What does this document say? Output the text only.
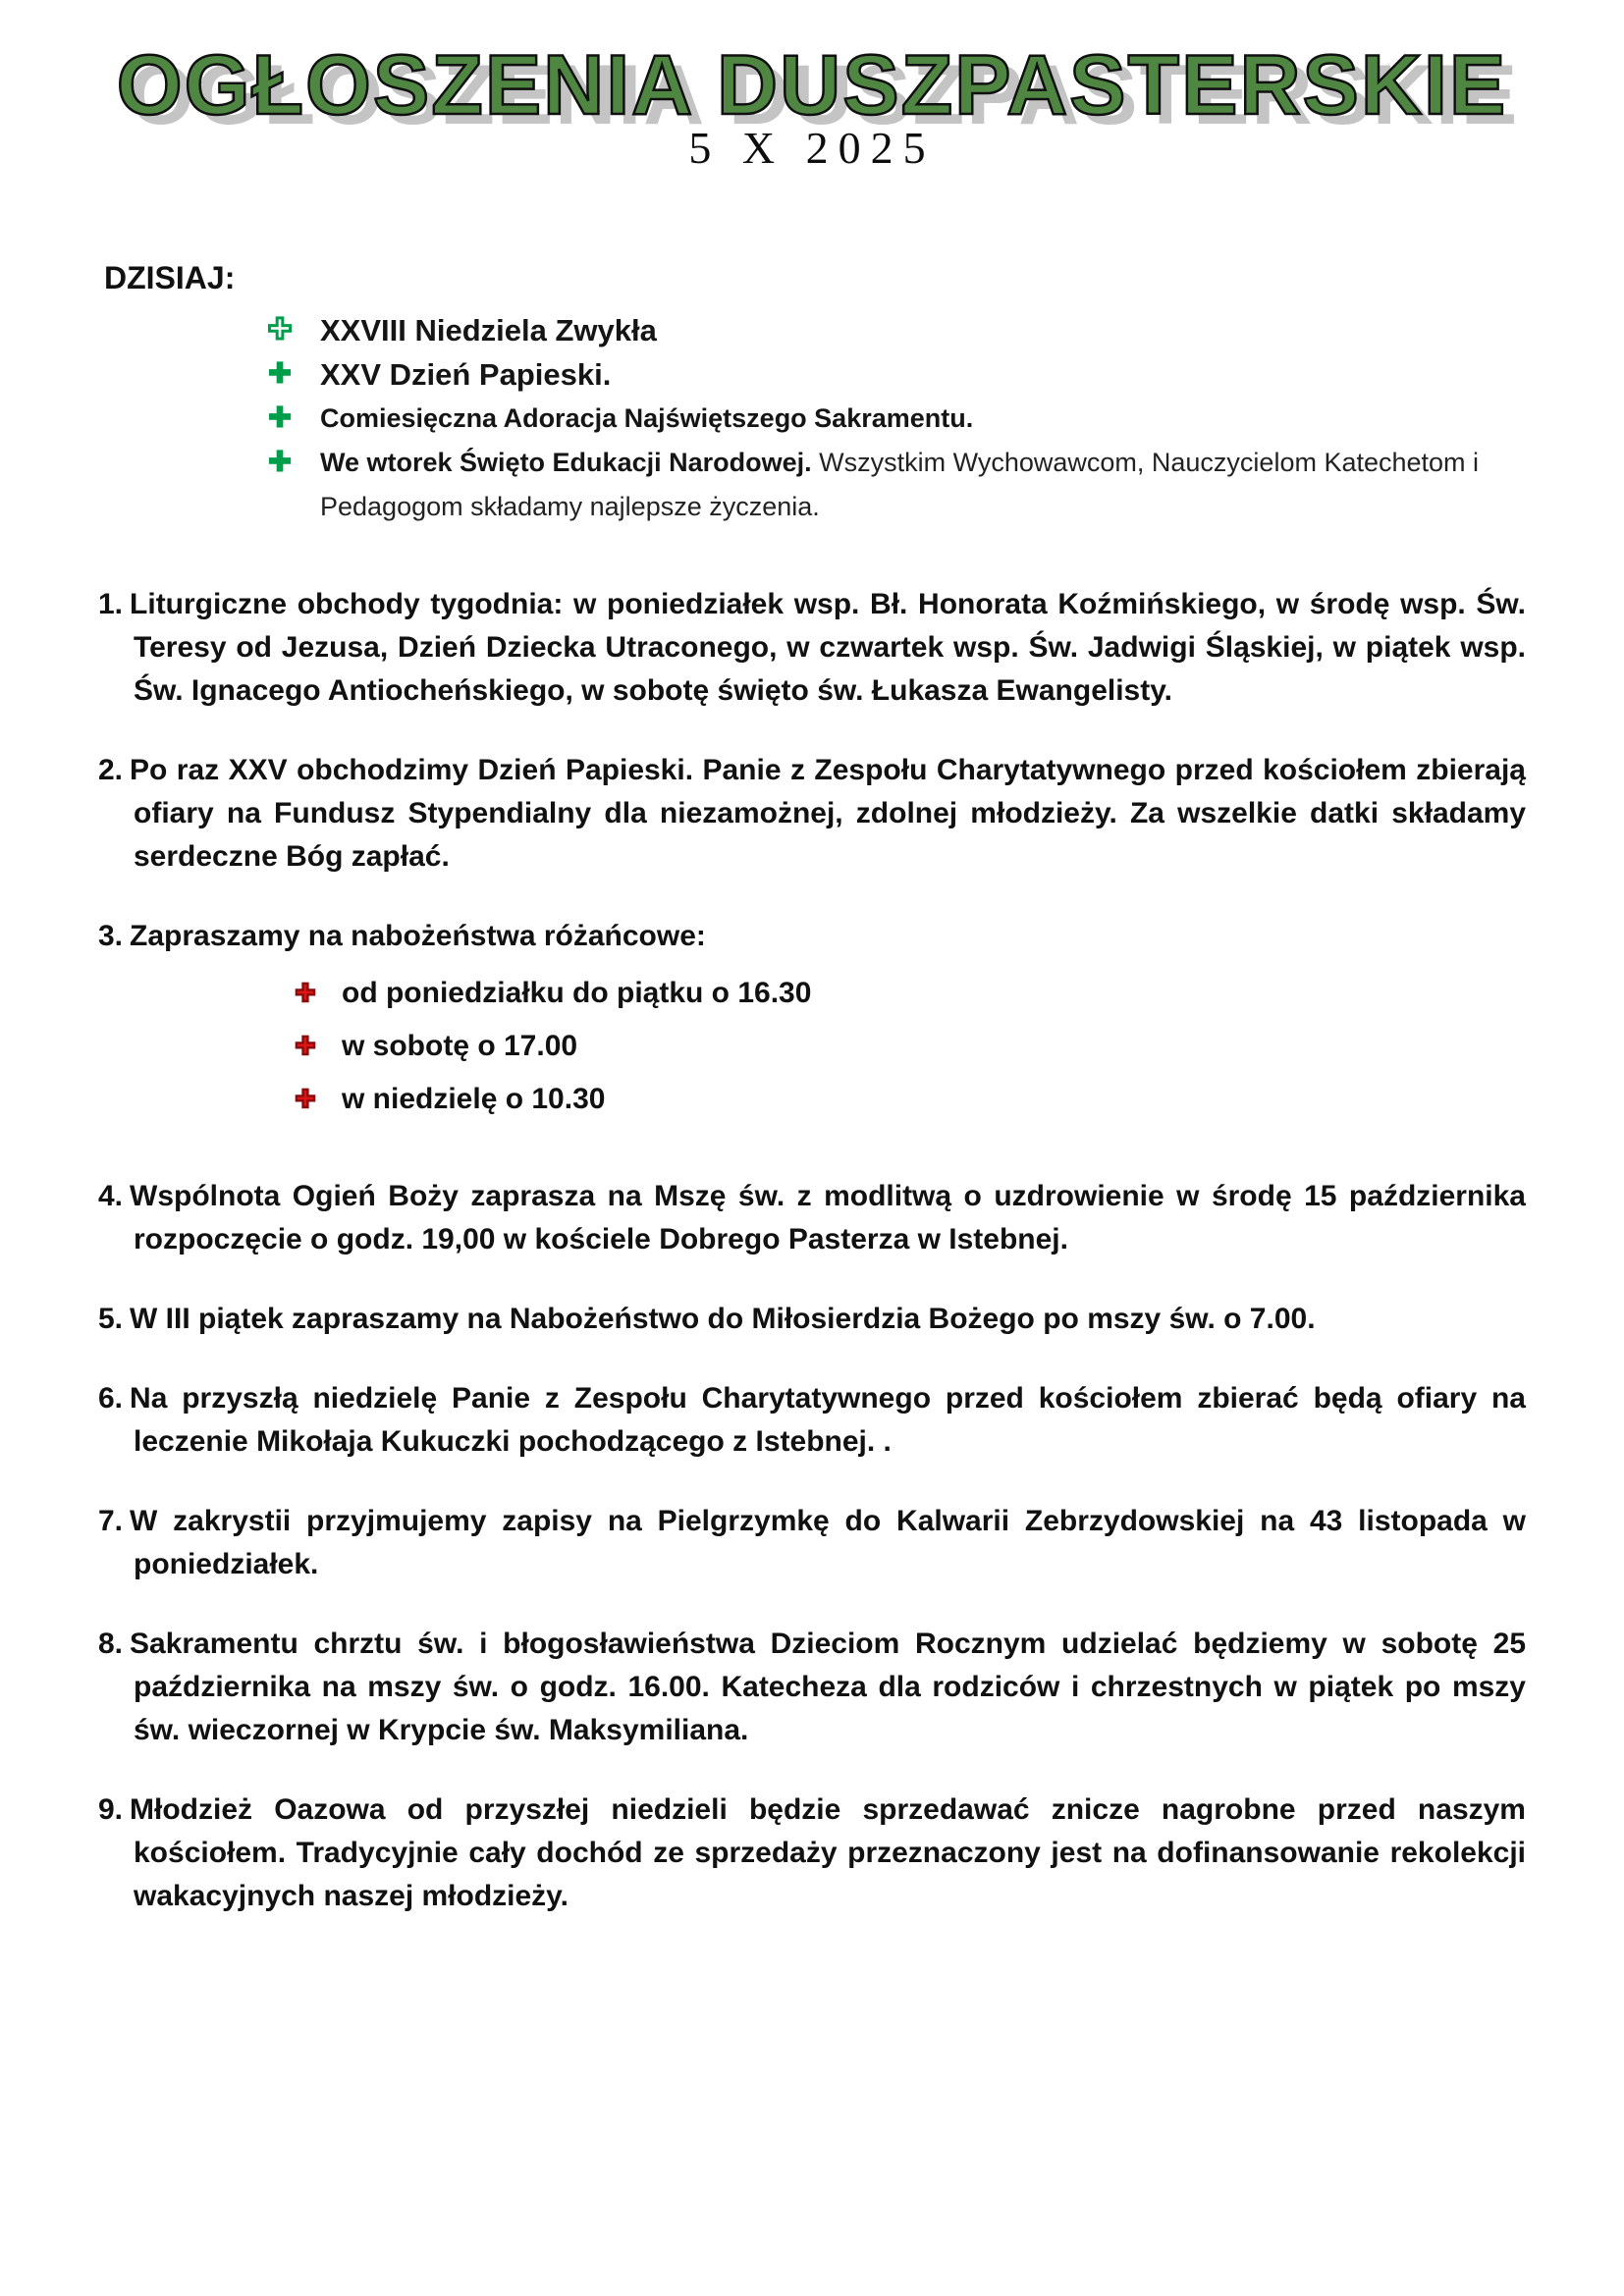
OGŁOSZENIA DUSZPASTERSKIE
5 X 2025
DZISIAJ:
✚ XXVIII Niedziela Zwykła
✚ XXV Dzień Papieski.
✚ Comiesięczna Adoracja Najświętszego Sakramentu.
✚ We wtorek Święto Edukacji Narodowej. Wszystkim Wychowawcom, Nauczycielom Katechetom i Pedagogom składamy najlepsze życzenia.
1. Liturgiczne obchody tygodnia: w poniedziałek wsp. Bł. Honorata Koźmińskiego, w środę wsp. Św. Teresy od Jezusa, Dzień Dziecka Utraconego, w czwartek wsp. Św. Jadwigi Śląskiej, w piątek wsp. Św. Ignacego Antiocheńskiego, w sobotę święto św. Łukasza Ewangelisty.
2. Po raz XXV obchodzimy Dzień Papieski. Panie z Zespołu Charytatywnego przed kościołem zbierają ofiary na Fundusz Stypendialny dla niezamożnej, zdolnej młodzieży. Za wszelkie datki składamy serdeczne Bóg zapłać.
3. Zapraszamy na nabożeństwa różańcowe:
✚ od poniedziałku do piątku o 16.30
✚ w sobotę o 17.00
✚ w niedzielę o 10.30
4. Wspólnota Ogień Boży zaprasza na Mszę św. z modlitwą o uzdrowienie w środę 15 października rozpoczęcie o godz. 19,00 w kościele Dobrego Pasterza w Istebnej.
5. W III piątek zapraszamy na Nabożeństwo do Miłosierdzia Bożego po mszy św. o 7.00.
6. Na przyszłą niedzielę Panie z Zespołu Charytatywnego przed kościołem zbierać będą ofiary na leczenie Mikołaja Kukuczki pochodzącego z Istebnej. .
7. W zakrystii przyjmujemy zapisy na Pielgrzymkę do Kalwarii Zebrzydowskiej na 43 listopada w poniedziałek.
8. Sakramentu chrztu św. i błogosławieństwa Dzieciom Rocznym udzielać będziemy w sobotę 25 października na mszy św. o godz. 16.00. Katecheza dla rodziców i chrzestnych w piątek po mszy św. wieczornej w Krypcie św. Maksymiliana.
9. Młodzież Oazowa od przyszłej niedzieli będzie sprzedawać znicze nagrobne przed naszym kościołem. Tradycyjnie cały dochód ze sprzedaży przeznaczony jest na dofinansowanie rekolekcji wakacyjnych naszej młodzieży.
